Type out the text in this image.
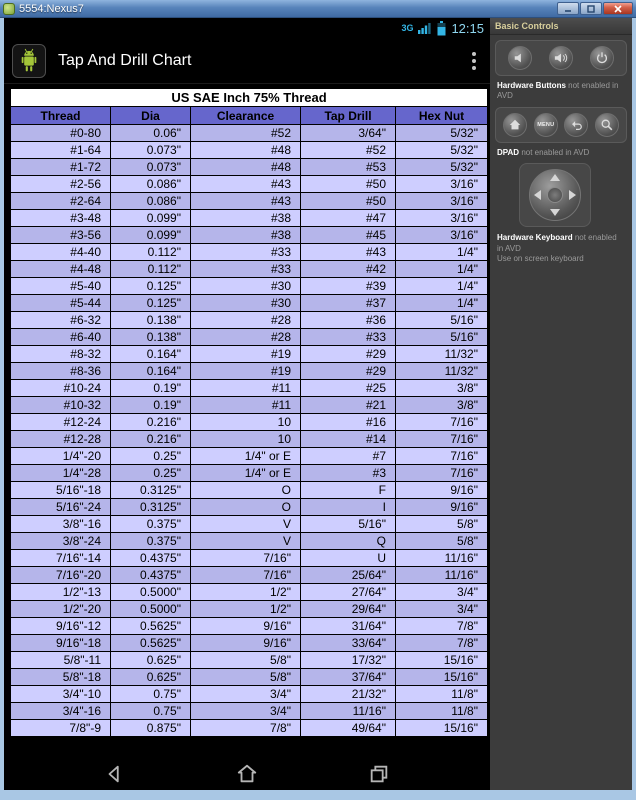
5554:Nexus7
3G	12:15
Tap And Drill Chart
US SAE Inch 75% Thread				
Thread	Dia	Clearance	Tap Drill	Hex Nut
#0-80	0.06"	#52	3/64"	5/32"
#1-64	0.073"	#48	#52	5/32"
#1-72	0.073"	#48	#53	5/32"
#2-56	0.086"	#43	#50	3/16"
#2-64	0.086"	#43	#50	3/16"
#3-48	0.099"	#38	#47	3/16"
#3-56	0.099"	#38	#45	3/16"
#4-40	0.112"	#33	#43	1/4"
#4-48	0.112"	#33	#42	1/4"
#5-40	0.125"	#30	#39	1/4"
#5-44	0.125"	#30	#37	1/4"
#6-32	0.138"	#28	#36	5/16"
#6-40	0.138"	#28	#33	5/16"
#8-32	0.164"	#19	#29	11/32"
#8-36	0.164"	#19	#29	11/32"
#10-24	0.19"	#11	#25	3/8"
#10-32	0.19"	#11	#21	3/8"
#12-24	0.216"	10	#16	7/16"
#12-28	0.216"	10	#14	7/16"
1/4"-20	0.25"	1/4" or E	#7	7/16"
1/4"-28	0.25"	1/4" or E	#3	7/16"
5/16"-18	0.3125"	O	F	9/16"
5/16"-24	0.3125"	O	I	9/16"
3/8"-16	0.375"	V	5/16"	5/8"
3/8"-24	0.375"	V	Q	5/8"
7/16"-14	0.4375"	7/16"	U	11/16"
7/16"-20	0.4375"	7/16"	25/64"	11/16"
1/2"-13	0.5000"	1/2"	27/64"	3/4"
1/2"-20	0.5000"	1/2"	29/64"	3/4"
9/16"-12	0.5625"	9/16"	31/64"	7/8"
9/16"-18	0.5625"	9/16"	33/64"	7/8"
5/8"-11	0.625"	5/8"	17/32"	15/16"
5/8"-18	0.625"	5/8"	37/64"	15/16"
3/4"-10	0.75"	3/4"	21/32"	11/8"
3/4"-16	0.75"	3/4"	11/16"	11/8"
7/8"-9	0.875"	7/8"	49/64"	15/16"
Basic Controls
Hardware Buttons not enabled in AVD
MENU
DPAD not enabled in AVD
Hardware Keyboard not enabled in AVD
Use on screen keyboard
